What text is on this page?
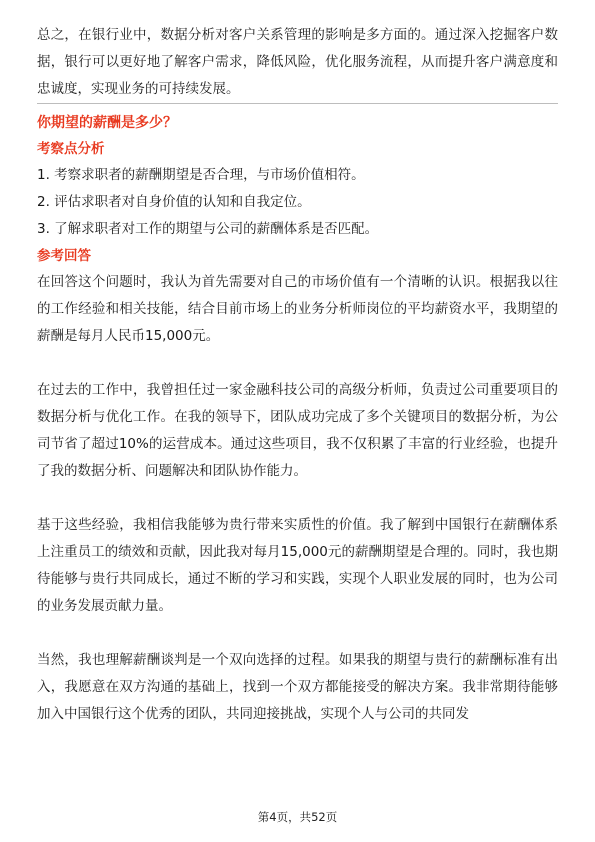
总之，在银行业中，数据分析对客户关系管理的影响是多方面的。通过深入挖掘客户数据，银行可以更好地了解客户需求，降低风险，优化服务流程，从而提升客户满意度和忠诚度，实现业务的可持续发展。

你期望的薪酬是多少？

考察点分析

1. 考察求职者的薪酬期望是否合理，与市场价值相符。

2. 评估求职者对自身价值的认知和自我定位。

3. 了解求职者对工作的期望与公司的薪酬体系是否匹配。

参考回答

在回答这个问题时，我认为首先需要对自己的市场价值有一个清晰的认识。根据我以往的工作经验和相关技能，结合目前市场上的业务分析师岗位的平均薪资水平，我期望的薪酬是每月人民币15,000元。

在过去的工作中，我曾担任过一家金融科技公司的高级分析师，负责过公司重要项目的数据分析与优化工作。在我的领导下，团队成功完成了多个关键项目的数据分析，为公司节省了超过10%的运营成本。通过这些项目，我不仅积累了丰富的行业经验，也提升了我的数据分析、问题解决和团队协作能力。

基于这些经验，我相信我能够为贵行带来实质性的价值。我了解到中国银行在薪酬体系上注重员工的绩效和贡献，因此我对每月15,000元的薪酬期望是合理的。同时，我也期待能够与贵行共同成长，通过不断的学习和实践，实现个人职业发展的同时，也为公司的业务发展贡献力量。

当然，我也理解薪酬谈判是一个双向选择的过程。如果我的期望与贵行的薪酬标准有出入，我愿意在双方沟通的基础上，找到一个双方都能接受的解决方案。我非常期待能够加入中国银行这个优秀的团队，共同迎接挑战，实现个人与公司的共同发

第4页，共52页
